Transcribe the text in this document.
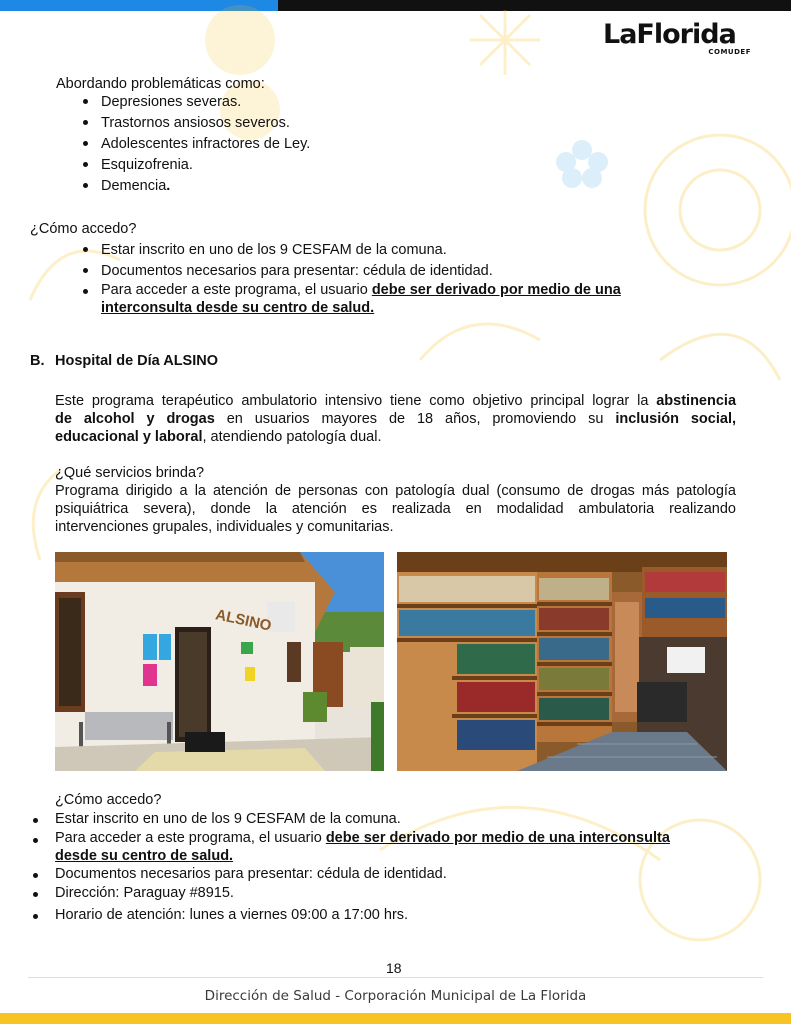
LaFlorida
COMUDEF
Abordando problemáticas como:
Depresiones severas.
Trastornos ansiosos severos.
Adolescentes infractores de Ley.
Esquizofrenia.
Demencia.
¿Cómo accedo?
Estar inscrito en uno de los 9 CESFAM de la comuna.
Documentos necesarios para presentar: cédula de identidad.
Para acceder a este programa, el usuario debe ser derivado por medio de una
interconsulta desde su centro de salud.
B. Hospital de Día ALSINO
Este programa terapéutico ambulatorio intensivo tiene como objetivo principal lograr la abstinencia
de alcohol y drogas en usuarios mayores de 18 años, promoviendo su inclusión social,
educacional y laboral, atendiendo patología dual.
¿Qué servicios brinda?
Programa dirigido a la atención de personas con patología dual (consumo de drogas más patología
psiquiátrica severa), donde la atención es realizada en modalidad ambulatoria realizando
intervenciones grupales, individuales y comunitarias.
ALSINO
¿Cómo accedo?
Estar inscrito en uno de los 9 CESFAM de la comuna.
Para acceder a este programa, el usuario debe ser derivado por medio de una interconsulta
desde su centro de salud.
Documentos necesarios para presentar: cédula de identidad.
Dirección: Paraguay #8915.
Horario de atención: lunes a viernes 09:00 a 17:00 hrs.
18
Dirección de Salud - Corporación Municipal de La Florida
